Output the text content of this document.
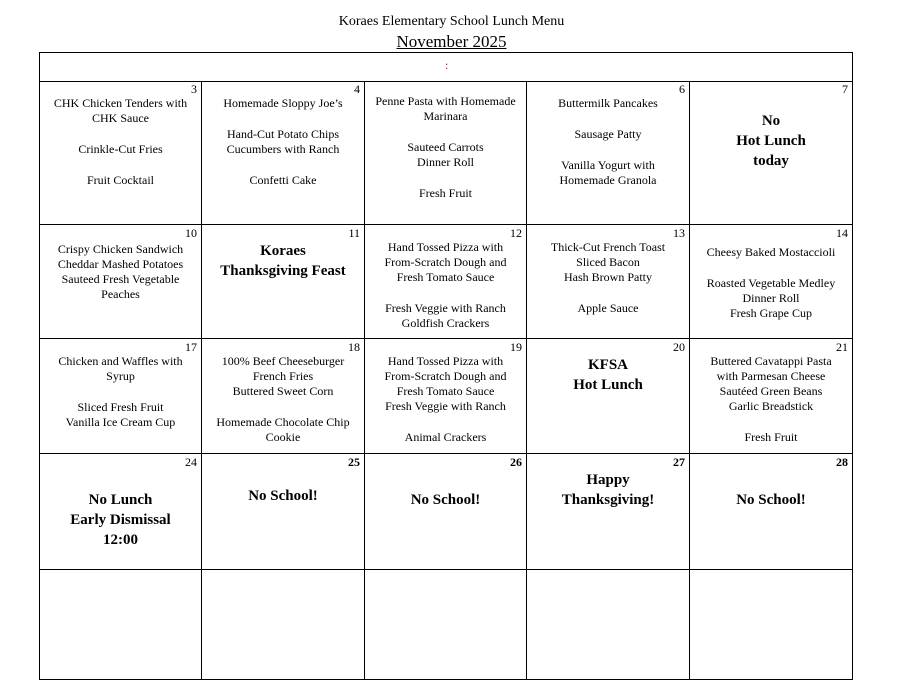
Koraes Elementary School Lunch Menu
November 2025
:
3
CHK Chicken Tenders with
CHK Sauce
Crinkle-Cut Fries
Fruit Cocktail
4
Homemade Sloppy Joe’s
Hand-Cut Potato Chips
Cucumbers with Ranch
Confetti Cake
Penne Pasta with Homemade
Marinara
Sauteed Carrots
Dinner Roll
Fresh Fruit
6
Buttermilk Pancakes
Sausage Patty
Vanilla Yogurt with
Homemade Granola
7
No
Hot Lunch
today
10
Crispy Chicken Sandwich
Cheddar Mashed Potatoes
Sauteed Fresh Vegetable
Peaches
11
Koraes
Thanksgiving Feast
12
Hand Tossed Pizza with
From-Scratch Dough and
Fresh Tomato Sauce
Fresh Veggie with Ranch
Goldfish Crackers
13
Thick-Cut French Toast
Sliced Bacon
Hash Brown Patty
Apple Sauce
14
Cheesy Baked Mostaccioli
Roasted Vegetable Medley
Dinner Roll
Fresh Grape Cup
17
Chicken and Waffles with
Syrup
Sliced Fresh Fruit
Vanilla Ice Cream Cup
18
100% Beef Cheeseburger
French Fries
Buttered Sweet Corn
Homemade Chocolate Chip
Cookie
19
Hand Tossed Pizza with
From-Scratch Dough and
Fresh Tomato Sauce
Fresh Veggie with Ranch
Animal Crackers
20
KFSA
Hot Lunch
21
Buttered Cavatappi Pasta
with Parmesan Cheese
Sautéed Green Beans
Garlic Breadstick
Fresh Fruit
24
No Lunch
Early Dismissal
12:00
25
No School!
26
No School!
27
Happy
Thanksgiving!
28
No School!
